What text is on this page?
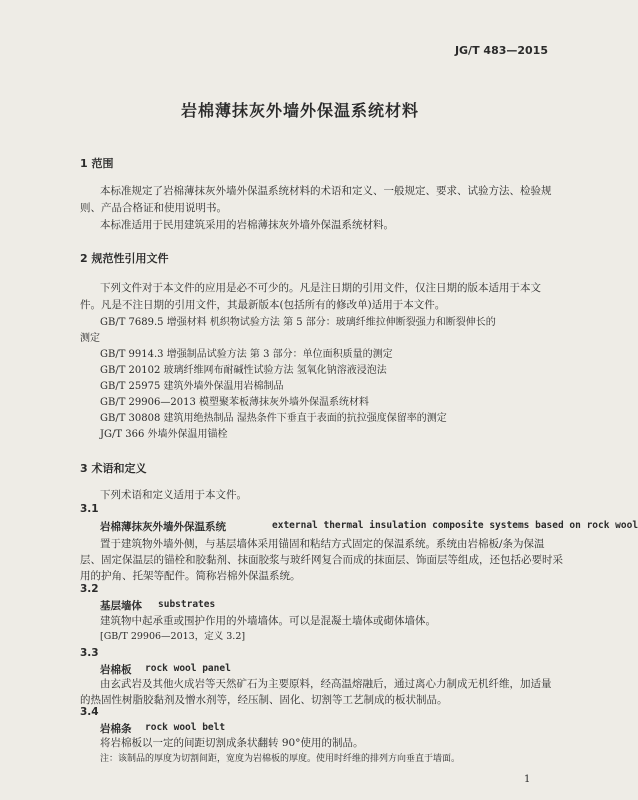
JG/T 483—2015
岩棉薄抹灰外墙外保温系统材料
1 范围
本标准规定了岩棉薄抹灰外墙外保温系统材料的术语和定义、一般规定、要求、试验方法、检验规
则、产品合格证和使用说明书。
本标准适用于民用建筑采用的岩棉薄抹灰外墙外保温系统材料。
2 规范性引用文件
下列文件对于本文件的应用是必不可少的。凡是注日期的引用文件，仅注日期的版本适用于本文
件。凡是不注日期的引用文件，其最新版本(包括所有的修改单)适用于本文件。
GB/T 7689.5 增强材料 机织物试验方法 第 5 部分：玻璃纤维拉伸断裂强力和断裂伸长的
测定
GB/T 9914.3 增强制品试验方法 第 3 部分：单位面积质量的测定
GB/T 20102 玻璃纤维网布耐碱性试验方法 氢氧化钠溶液浸泡法
GB/T 25975 建筑外墙外保温用岩棉制品
GB/T 29906—2013 模塑聚苯板薄抹灰外墙外保温系统材料
GB/T 30808 建筑用绝热制品 湿热条件下垂直于表面的抗拉强度保留率的测定
JG/T 366 外墙外保温用锚栓
3 术语和定义
下列术语和定义适用于本文件。
3.1
岩棉薄抹灰外墙外保温系统	external thermal insulation composite systems based on rock wool
置于建筑物外墙外侧，与基层墙体采用锚固和粘结方式固定的保温系统。系统由岩棉板/条为保温
层、固定保温层的锚栓和胶黏剂、抹面胶浆与玻纤网复合而成的抹面层、饰面层等组成，还包括必要时采
用的护角、托架等配件。简称岩棉外保温系统。
3.2
基层墙体 substrates
建筑物中起承重或围护作用的外墙墙体。可以是混凝土墙体或砌体墙体。
[GB/T 29906—2013，定义 3.2]
3.3
岩棉板 rock wool panel
由玄武岩及其他火成岩等天然矿石为主要原料，经高温熔融后，通过离心力制成无机纤维，加适量
的热固性树脂胶黏剂及憎水剂等，经压制、固化、切割等工艺制成的板状制品。
3.4
岩棉条 rock wool belt
将岩棉板以一定的间距切割成条状翻转 90°使用的制品。
注：该制品的厚度为切割间距，宽度为岩棉板的厚度。使用时纤维的排列方向垂直于墙面。
1
